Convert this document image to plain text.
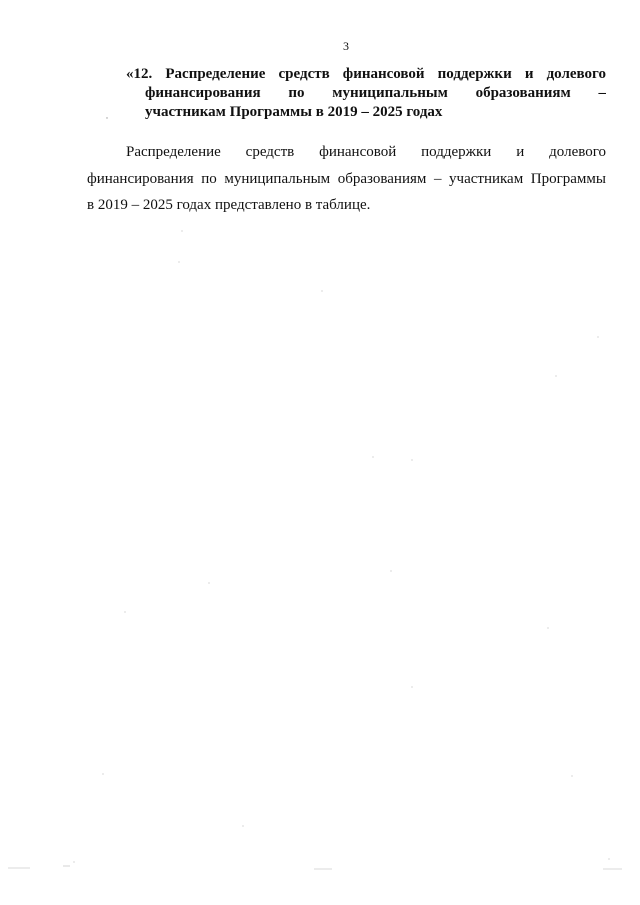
3
«12. Распределение средств финансовой поддержки и долевого
финансирования по муниципальным образованиям –
участникам Программы в 2019 – 2025 годах
Распределение средств финансовой поддержки и долевого
финансирования по муниципальным образованиям – участникам Программы
в 2019 – 2025 годах представлено в таблице.
